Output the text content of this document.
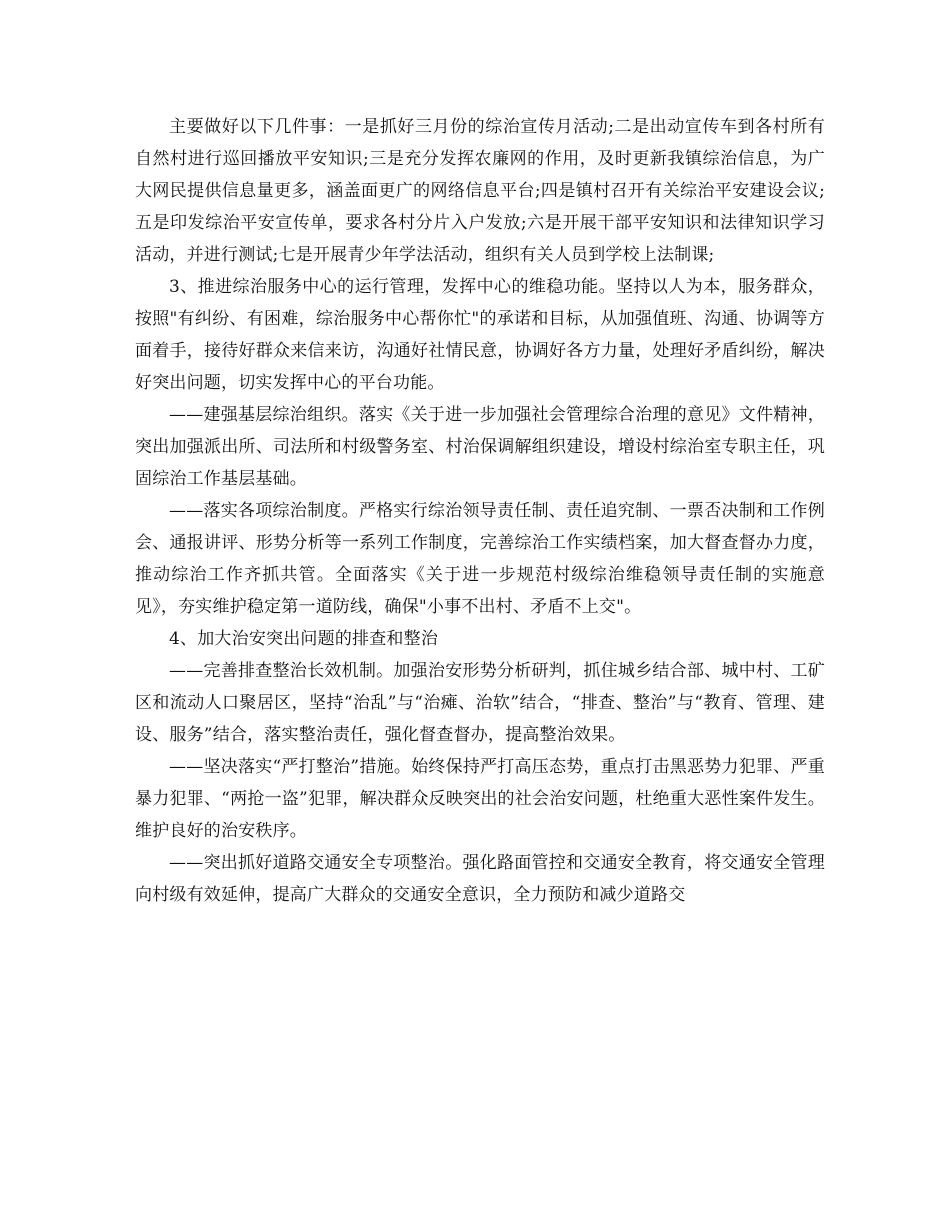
主要做好以下几件事：一是抓好三月份的综治宣传月活动;二是出动宣传车到各村所有自然村进行巡回播放平安知识;三是充分发挥农廉网的作用，及时更新我镇综治信息，为广大网民提供信息量更多，涵盖面更广的网络信息平台;四是镇村召开有关综治平安建设会议;五是印发综治平安宣传单，要求各村分片入户发放;六是开展干部平安知识和法律知识学习活动，并进行测试;七是开展青少年学法活动，组织有关人员到学校上法制课;

3、推进综治服务中心的运行管理，发挥中心的维稳功能。坚持以人为本，服务群众，按照"有纠纷、有困难，综治服务中心帮你忙"的承诺和目标，从加强值班、沟通、协调等方面着手，接待好群众来信来访，沟通好社情民意，协调好各方力量，处理好矛盾纠纷，解决好突出问题，切实发挥中心的平台功能。

——建强基层综治组织。落实《关于进一步加强社会管理综合治理的意见》文件精神，突出加强派出所、司法所和村级警务室、村治保调解组织建设，增设村综治室专职主任，巩固综治工作基层基础。

——落实各项综治制度。严格实行综治领导责任制、责任追究制、一票否决制和工作例会、通报讲评、形势分析等一系列工作制度，完善综治工作实绩档案，加大督查督办力度，推动综治工作齐抓共管。全面落实《关于进一步规范村级综治维稳领导责任制的实施意见》，夯实维护稳定第一道防线，确保"小事不出村、矛盾不上交"。

4、加大治安突出问题的排查和整治

——完善排查整治长效机制。加强治安形势分析研判，抓住城乡结合部、城中村、工矿区和流动人口聚居区，坚持“治乱”与“治瘫、治软”结合，“排查、整治”与“教育、管理、建设、服务”结合，落实整治责任，强化督查督办，提高整治效果。

——坚决落实“严打整治”措施。始终保持严打高压态势，重点打击黑恶势力犯罪、严重暴力犯罪、“两抢一盗”犯罪，解决群众反映突出的社会治安问题，杜绝重大恶性案件发生。维护良好的治安秩序。

——突出抓好道路交通安全专项整治。强化路面管控和交通安全教育，将交通安全管理向村级有效延伸，提高广大群众的交通安全意识，全力预防和减少道路交
